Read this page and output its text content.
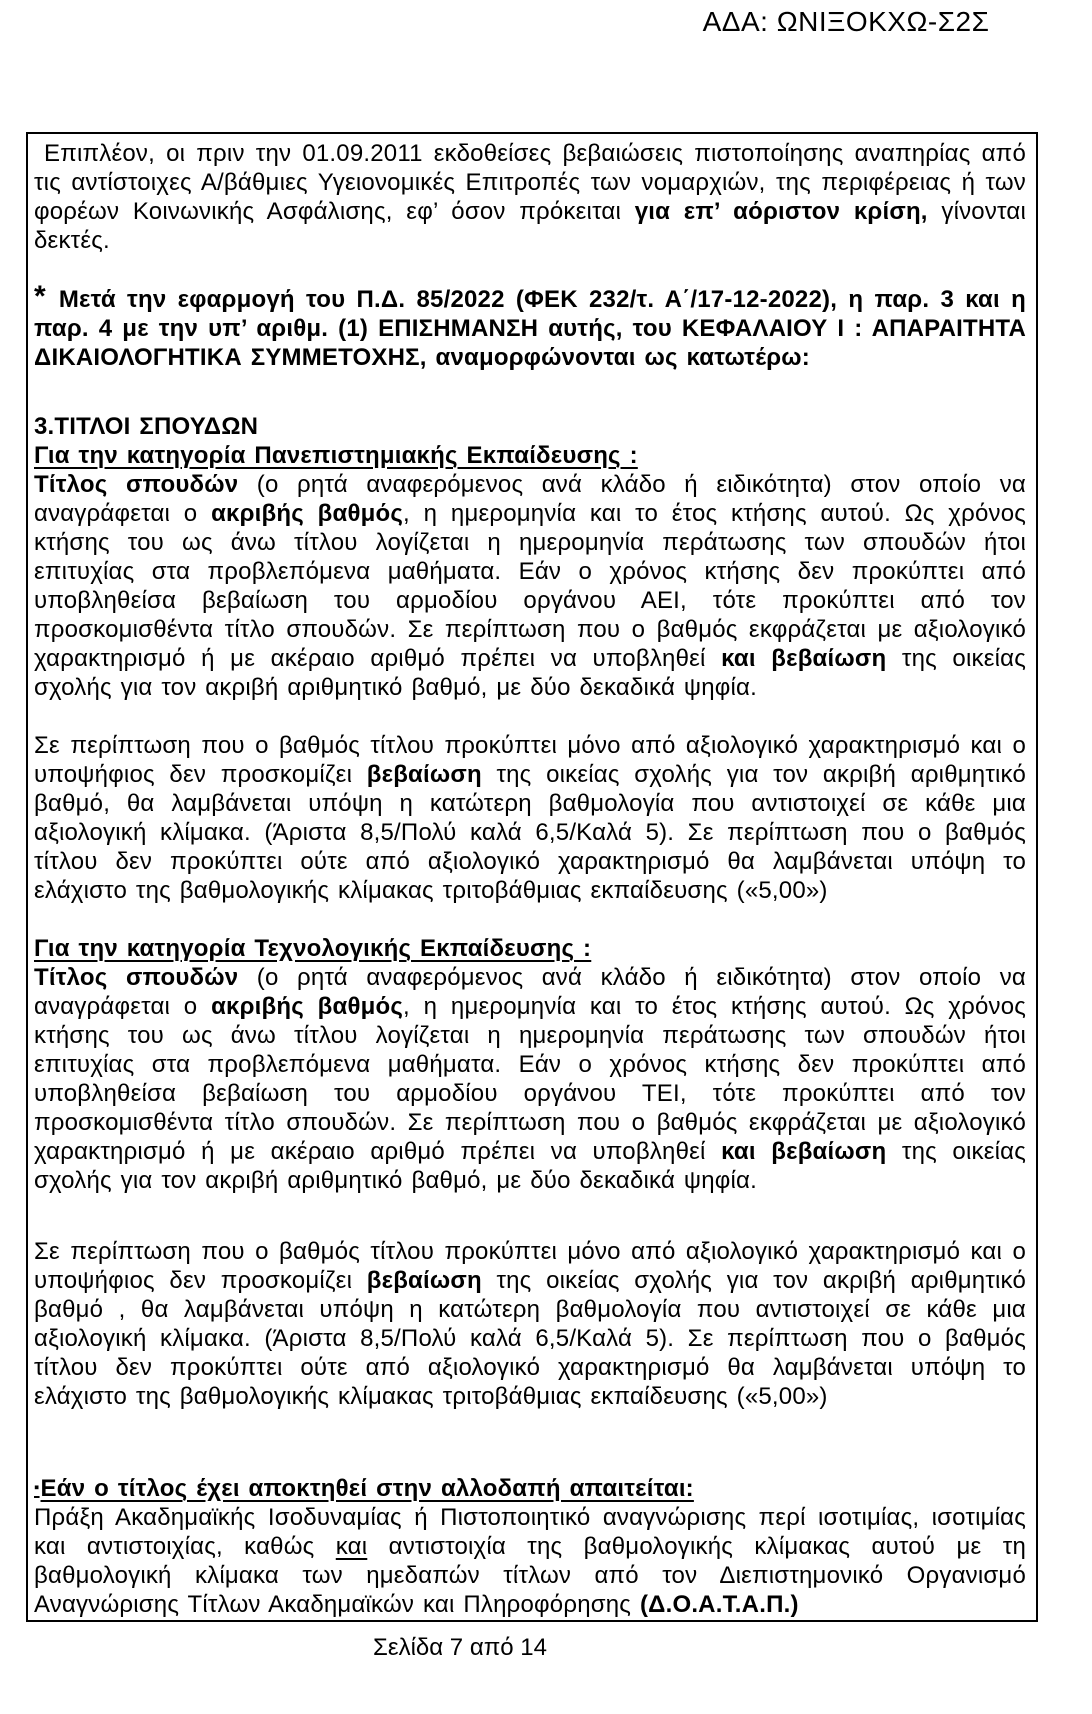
ΑΔΑ: ΩΝΙΞΟΚΧΩ-Σ2Σ

Επιπλέον, οι πριν την 01.09.2011 εκδοθείσες βεβαιώσεις πιστοποίησης αναπηρίας από τις αντίστοιχες Α/βάθμιες Υγειονομικές Επιτροπές των νομαρχιών, της περιφέρειας ή των φορέων Κοινωνικής Ασφάλισης, εφ’ όσον πρόκειται για επ’ αόριστον κρίση, γίνονται δεκτές.

* Μετά την εφαρμογή του Π.Δ. 85/2022 (ΦΕΚ 232/τ. Α΄/17-12-2022), η παρ. 3 και η παρ. 4 με την υπ’ αριθμ. (1) ΕΠΙΣΗΜΑΝΣΗ αυτής, του ΚΕΦΑΛΑΙΟΥ Ι : ΑΠΑΡΑΙΤΗΤΑ ΔΙΚΑΙΟΛΟΓΗΤΙΚΑ ΣΥΜΜΕΤΟΧΗΣ, αναμορφώνονται ως κατωτέρω:

3.ΤΙΤΛΟΙ ΣΠΟΥΔΩΝ

Για την κατηγορία Πανεπιστημιακής Εκπαίδευσης :

Τίτλος σπουδών (ο ρητά αναφερόμενος ανά κλάδο ή ειδικότητα) στον οποίο να αναγράφεται ο ακριβής βαθμός, η ημερομηνία και το έτος κτήσης αυτού. Ως χρόνος κτήσης του ως άνω τίτλου λογίζεται η ημερομηνία περάτωσης των σπουδών ήτοι επιτυχίας στα προβλεπόμενα μαθήματα. Εάν ο χρόνος κτήσης δεν προκύπτει από υποβληθείσα βεβαίωση του αρμοδίου οργάνου ΑΕΙ, τότε προκύπτει από τον προσκομισθέντα τίτλο σπουδών. Σε περίπτωση που ο βαθμός εκφράζεται με αξιολογικό χαρακτηρισμό ή με ακέραιο αριθμό πρέπει να υποβληθεί και βεβαίωση της οικείας σχολής για τον ακριβή αριθμητικό βαθμό, με δύο δεκαδικά ψηφία.

Σε περίπτωση που ο βαθμός τίτλου προκύπτει μόνο από αξιολογικό χαρακτηρισμό και ο υποψήφιος δεν προσκομίζει βεβαίωση της οικείας σχολής για τον ακριβή αριθμητικό βαθμό, θα λαμβάνεται υπόψη η κατώτερη βαθμολογία που αντιστοιχεί σε κάθε μια αξιολογική κλίμακα. (Άριστα 8,5/Πολύ καλά 6,5/Καλά 5). Σε περίπτωση που ο βαθμός τίτλου δεν προκύπτει ούτε από αξιολογικό χαρακτηρισμό θα λαμβάνεται υπόψη το ελάχιστο της βαθμολογικής κλίμακας τριτοβάθμιας εκπαίδευσης («5,00»)

Για την κατηγορία Τεχνολογικής Εκπαίδευσης :

Τίτλος σπουδών (ο ρητά αναφερόμενος ανά κλάδο ή ειδικότητα) στον οποίο να αναγράφεται ο ακριβής βαθμός, η ημερομηνία και το έτος κτήσης αυτού. Ως χρόνος κτήσης του ως άνω τίτλου λογίζεται η ημερομηνία περάτωσης των σπουδών ήτοι επιτυχίας στα προβλεπόμενα μαθήματα. Εάν ο χρόνος κτήσης δεν προκύπτει από υποβληθείσα βεβαίωση του αρμοδίου οργάνου ΤΕΙ, τότε προκύπτει από τον προσκομισθέντα τίτλο σπουδών. Σε περίπτωση που ο βαθμός εκφράζεται με αξιολογικό χαρακτηρισμό ή με ακέραιο αριθμό πρέπει να υποβληθεί και βεβαίωση της οικείας σχολής για τον ακριβή αριθμητικό βαθμό, με δύο δεκαδικά ψηφία.

Σε περίπτωση που ο βαθμός τίτλου προκύπτει μόνο από αξιολογικό χαρακτηρισμό και ο υποψήφιος δεν προσκομίζει βεβαίωση της οικείας σχολής για τον ακριβή αριθμητικό βαθμό , θα λαμβάνεται υπόψη η κατώτερη βαθμολογία που αντιστοιχεί σε κάθε μια αξιολογική κλίμακα. (Άριστα 8,5/Πολύ καλά 6,5/Καλά 5). Σε περίπτωση που ο βαθμός τίτλου δεν προκύπτει ούτε από αξιολογικό χαρακτηρισμό θα λαμβάνεται υπόψη το ελάχιστο της βαθμολογικής κλίμακας τριτοβάθμιας εκπαίδευσης («5,00»)

▪Εάν ο τίτλος έχει αποκτηθεί στην αλλοδαπή απαιτείται:

Πράξη Ακαδημαϊκής Ισοδυναμίας ή Πιστοποιητικό αναγνώρισης περί ισοτιμίας, ισοτιμίας και αντιστοιχίας, καθώς και αντιστοιχία της βαθμολογικής κλίμακας αυτού με τη βαθμολογική κλίμακα των ημεδαπών τίτλων από τον Διεπιστημονικό Οργανισμό Αναγνώρισης Τίτλων Ακαδημαϊκών και Πληροφόρησης (Δ.Ο.Α.Τ.Α.Π.)

Σελίδα 7 από 14
